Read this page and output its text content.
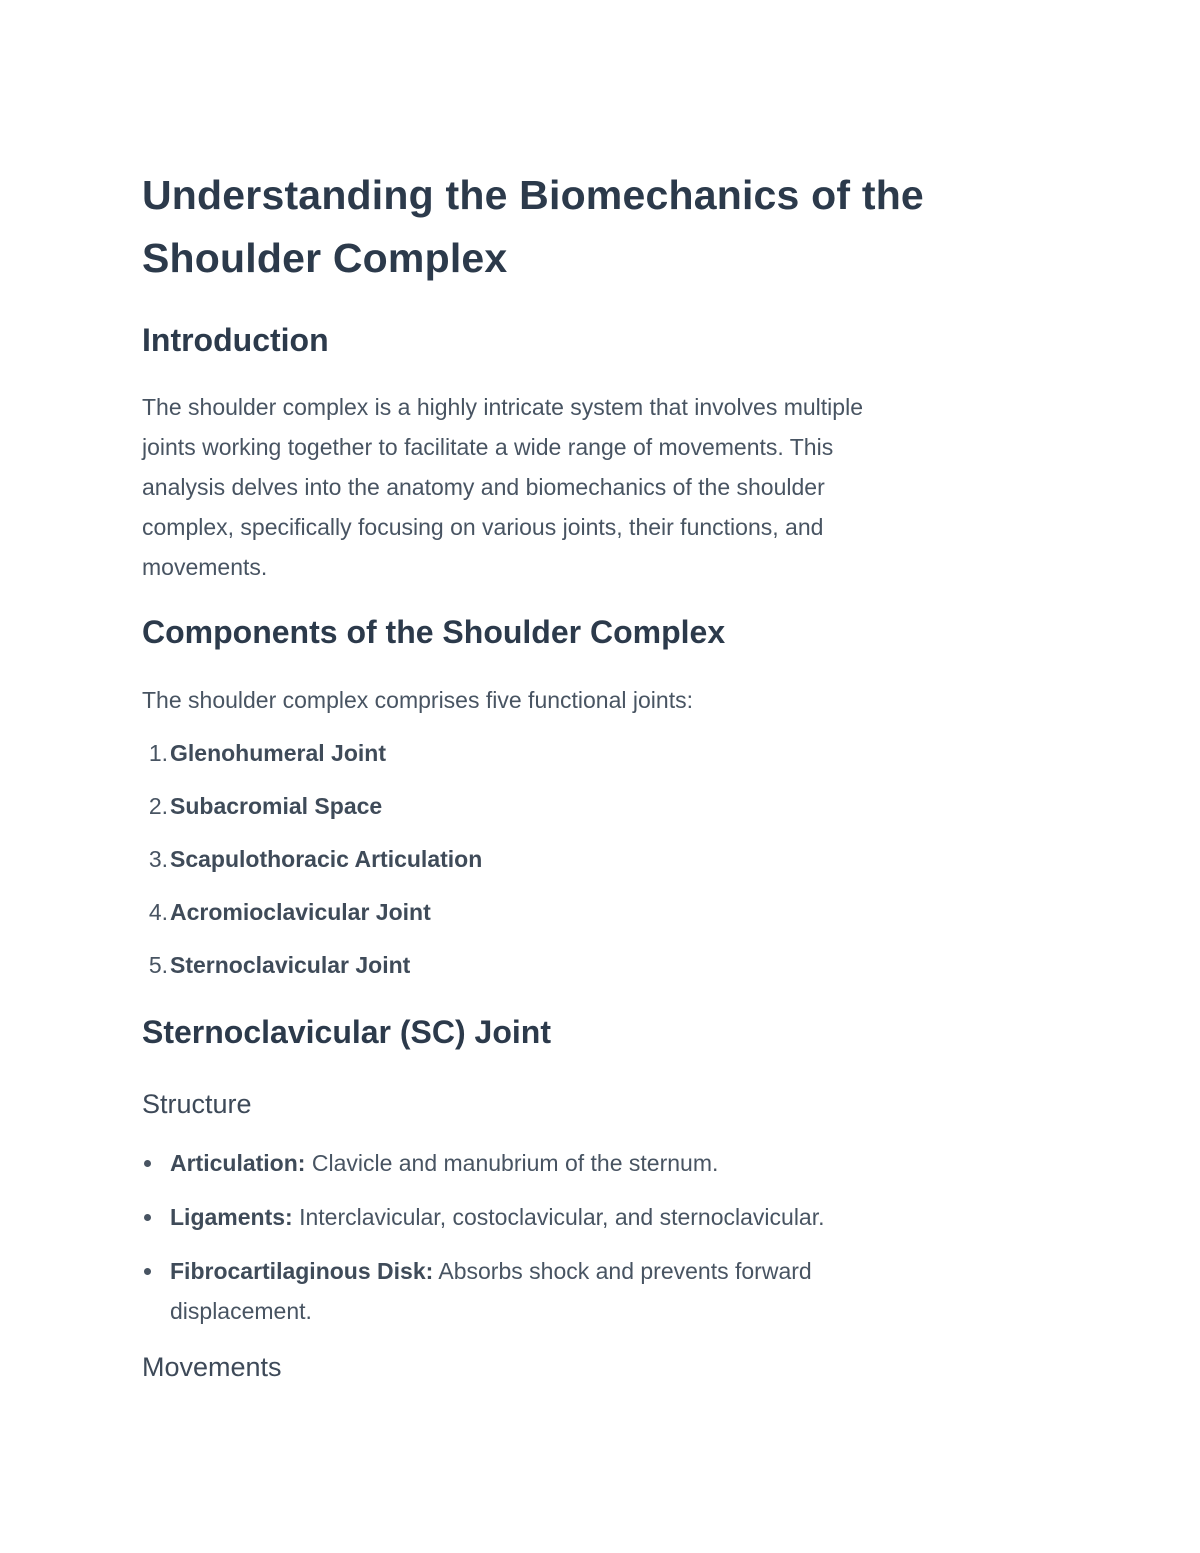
Understanding the Biomechanics of the
Shoulder Complex
Introduction

The shoulder complex is a highly intricate system that involves multiple
joints working together to facilitate a wide range of movements. This
analysis delves into the anatomy and biomechanics of the shoulder
complex, specifically focusing on various joints, their functions, and
movements.

Components of the Shoulder Complex

The shoulder complex comprises five functional joints:

1.Glenohumeral Joint
2.Subacromial Space
3.Scapulothoracic Articulation
4.Acromioclavicular Joint
5.Sternoclavicular Joint
Sternoclavicular (SC) Joint
Structure
Articulation: Clavicle and manubrium of the sternum.
Ligaments: Interclavicular, costoclavicular, and sternoclavicular.
Fibrocartilaginous Disk: Absorbs shock and prevents forward
displacement.
Movements
